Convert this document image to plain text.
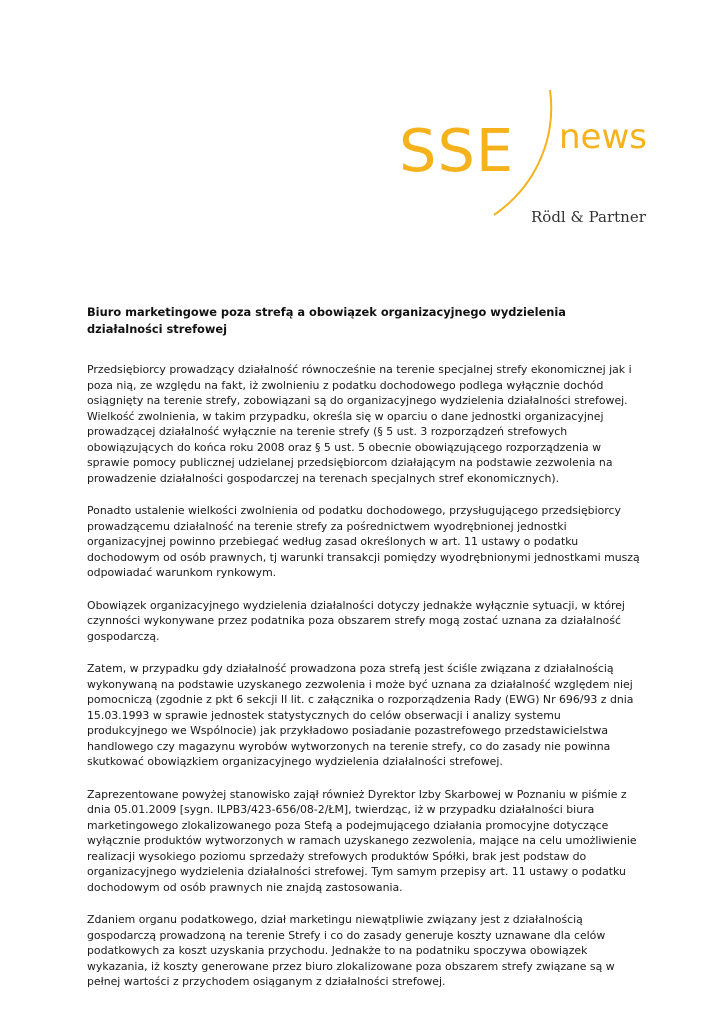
SSE news
Rödl & Partner
Biuro marketingowe poza strefą a obowiązek organizacyjnego wydzielenia działalności strefowej

Przedsiębiorcy prowadzący działalność równocześnie na terenie specjalnej strefy ekonomicznej jak i poza nią, ze względu na fakt, iż zwolnieniu z podatku dochodowego podlega wyłącznie dochód osiągnięty na terenie strefy, zobowiązani są do organizacyjnego wydzielenia działalności strefowej. Wielkość zwolnienia, w takim przypadku, określa się w oparciu o dane jednostki organizacyjnej prowadzącej działalność wyłącznie na terenie strefy (§ 5 ust. 3 rozporządzeń strefowych obowiązujących do końca roku 2008 oraz § 5 ust. 5 obecnie obowiązującego rozporządzenia w sprawie pomocy publicznej udzielanej przedsiębiorcom działającym na podstawie zezwolenia na prowadzenie działalności gospodarczej na terenach specjalnych stref ekonomicznych).

Ponadto ustalenie wielkości zwolnienia od podatku dochodowego, przysługującego przedsiębiorcy prowadzącemu działalność na terenie strefy za pośrednictwem wyodrębnionej jednostki organizacyjnej powinno przebiegać według zasad określonych w art. 11 ustawy o podatku dochodowym od osób prawnych, tj warunki transakcji pomiędzy wyodrębnionymi jednostkami muszą odpowiadać warunkom rynkowym.

Obowiązek organizacyjnego wydzielenia działalności dotyczy jednakże wyłącznie sytuacji, w której czynności wykonywane przez podatnika poza obszarem strefy mogą zostać uznana za działalność gospodarczą.

Zatem, w przypadku gdy działalność prowadzona poza strefą jest ściśle związana z działalnością wykonywaną na podstawie uzyskanego zezwolenia i może być uznana za działalność względem niej pomocniczą (zgodnie z pkt 6 sekcji II lit. c załącznika o rozporządzenia Rady (EWG) Nr 696/93 z dnia 15.03.1993 w sprawie jednostek statystycznych do celów obserwacji i analizy systemu produkcyjnego we Wspólnocie) jak przykładowo posiadanie pozastrefowego przedstawicielstwa handlowego czy magazynu wyrobów wytworzonych na terenie strefy, co do zasady nie powinna skutkować obowiązkiem organizacyjnego wydzielenia działalności strefowej.

Zaprezentowane powyżej stanowisko zajął również Dyrektor Izby Skarbowej w Poznaniu w piśmie z dnia 05.01.2009 [sygn. ILPB3/423-656/08-2/ŁM], twierdząc, iż w przypadku działalności biura marketingowego zlokalizowanego poza Stefą a podejmującego działania promocyjne dotyczące wyłącznie produktów wytworzonych w ramach uzyskanego zezwolenia, mające na celu umożliwienie realizacji wysokiego poziomu sprzedaży strefowych produktów Spółki, brak jest podstaw do organizacyjnego wydzielenia działalności strefowej. Tym samym przepisy art. 11 ustawy o podatku dochodowym od osób prawnych nie znajdą zastosowania.

Zdaniem organu podatkowego, dział marketingu niewątpliwie związany jest z działalnością gospodarczą prowadzoną na terenie Strefy i co do zasady generuje koszty uznawane dla celów podatkowych za koszt uzyskania przychodu. Jednakże to na podatniku spoczywa obowiązek wykazania, iż koszty generowane przez biuro zlokalizowane poza obszarem strefy związane są w pełnej wartości z przychodem osiąganym z działalności strefowej.
